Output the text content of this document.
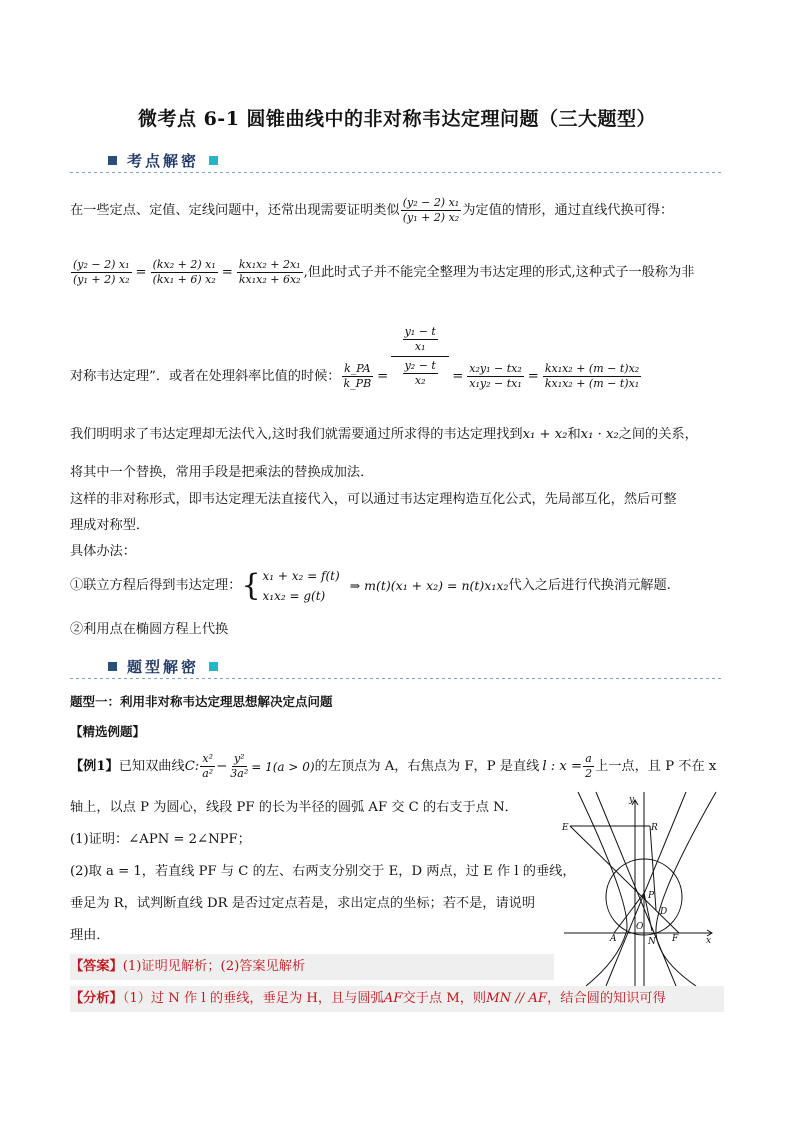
微考点 6-1 圆锥曲线中的非对称韦达定理问题（三大题型）
考点解密
在一些定点、定值、定线问题中，还常出现需要证明类似 $\frac{\text{(y₂ − 2) x₁}}{\text{(y₁ + 2) x₂}}$ 为定值的情形，通过直线代换可得：
$\frac{\text{(y₂ − 2) x₁}}{\text{(y₁ + 2) x₂}} = \frac{\text{(kx₂ + 2) x₁}}{\text{(kx₁ + 6) x₂}} = \frac{\text{kx₁x₂ + 2x₁}}{\text{kx₁x₂ + 6x₂}}$ ,但此时式子并不能完全整理为韦达定理的形式,这种式子一般称为非
对称韦达定理”．或者在处理斜率比值的时候： $\frac{k\_PA}{k\_PB}$ =
$\frac{\text{y₁ − t}}{\text{x₁}}$
$\frac{\text{y₂ − t}}{\text{x₂}} = \frac{\text{x₂y₁ − tx₂}}{\text{x₁y₂ − tx₁}} = \frac{\text{kx₁x₂ + (m − t)x₂}}{\text{kx₁x₂ + (m − t)x₁}}$
我们明明求了韦达定理却无法代入,这时我们就需要通过所求得的韦达定理找到x₁ + x₂和x₁ · x₂之间的关系，
将其中一个替换，常用手段是把乘法的替换成加法．
这样的非对称形式，即韦达定理无法直接代入，可以通过韦达定理构造互化公式，先局部互化，然后可整
理成对称型．
具体办法：
①联立方程后得到韦达定理： { x₁ + x₂ = f(t)
x₁x₂ = g(t)
⇒ m(t)(x₁ + x₂) = n(t)x₁x₂ 代入之后进行代换消元解题.
②利用点在椭圆方程上代换
题型解密
题型一：利用非对称韦达定理思想解决定点问题
【精选例题】
【例1】 已知双曲线 C: $\frac{\text{x²}}{\text{a²}} - \frac{\text{y²}}{\text{3a²}} = 1(a > 0)$ 的左顶点为 A，右焦点为 F，P 是直线 l : $x = \frac{a}{2}$ 上一点，且 P 不在 x
轴上，以点 P 为圆心，线段 PF 的长为半径的圆弧 AF 交 C 的右支于点 N．
(1)证明：∠APN = 2∠NPF；
(2)取 a = 1，若直线 PF 与 C 的左、右两支分别交于 E，D 两点，过 E 作 l 的垂线，
垂足为 R，试判断直线 DR 是否过定点若是，求出定点的坐标；若不是，请说明
理由．
【答案】(1)证明见解析；(2)答案见解析
【分析】（1）过 N 作 l 的垂线，垂足为 H，且与圆弧AF交于点 M，则MN // AF，结合圆的知识可得
y
R
E
P
D
O
A	N F	x
